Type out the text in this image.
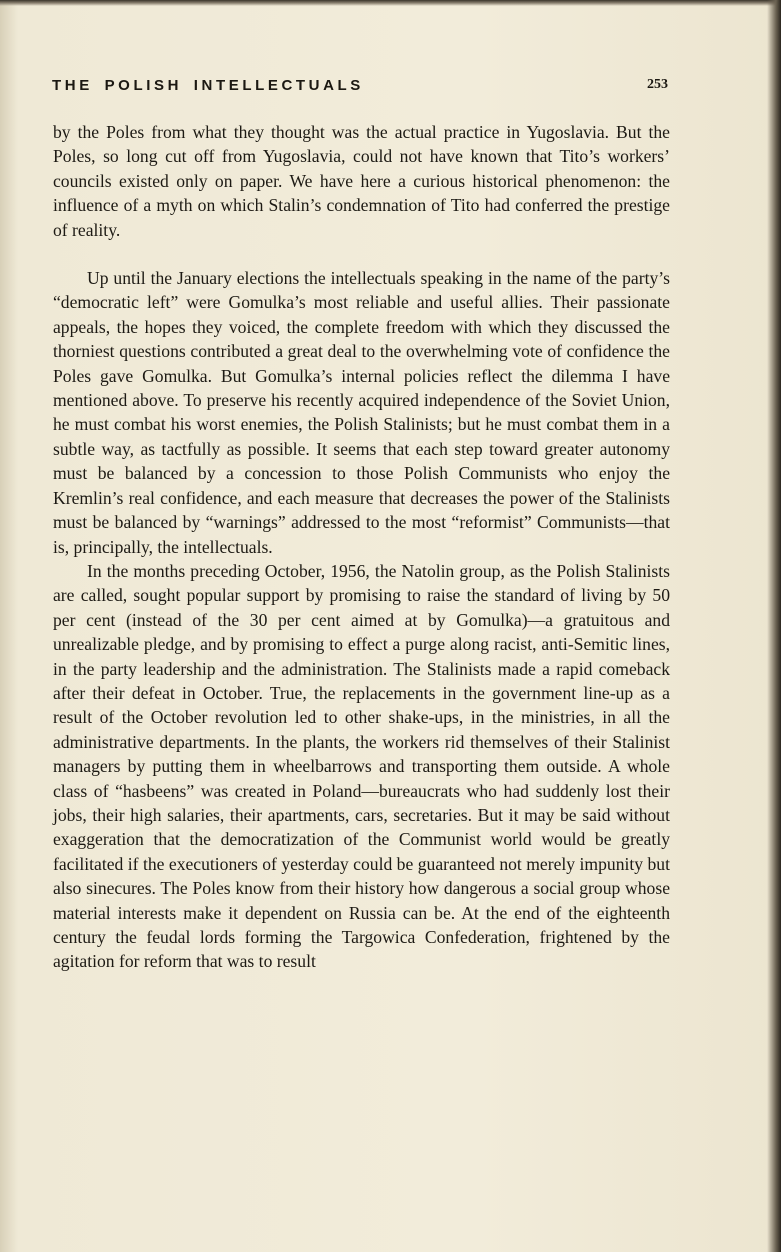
THE POLISH INTELLECTUALS	253

by the Poles from what they thought was the actual practice in Yugoslavia. But the Poles, so long cut off from Yugoslavia, could not have known that Tito’s workers’ councils existed only on paper. We have here a curious historical phenomenon: the influence of a myth on which Stalin’s condemnation of Tito had conferred the prestige of reality.

Up until the January elections the intellectuals speaking in the name of the party’s “democratic left” were Gomulka’s most reliable and useful allies. Their passionate appeals, the hopes they voiced, the complete freedom with which they discussed the thorniest questions contributed a great deal to the overwhelming vote of confidence the Poles gave Gomulka. But Gomulka’s internal policies reflect the dilemma I have mentioned above. To preserve his recently acquired independence of the Soviet Union, he must combat his worst enemies, the Polish Stalinists; but he must combat them in a subtle way, as tactfully as possible. It seems that each step toward greater autonomy must be balanced by a concession to those Polish Communists who enjoy the Kremlin’s real confidence, and each measure that decreases the power of the Stalinists must be balanced by “warnings” addressed to the most “reformist” Communists—that is, principally, the intellectuals.

In the months preceding October, 1956, the Natolin group, as the Polish Stalinists are called, sought popular support by promising to raise the standard of living by 50 per cent (instead of the 30 per cent aimed at by Gomulka)—a gratuitous and unrealizable pledge, and by promising to effect a purge along racist, anti-Semitic lines, in the party leadership and the administration. The Stalinists made a rapid comeback after their defeat in October. True, the replacements in the government line-up as a result of the October revolution led to other shake-ups, in the ministries, in all the administrative departments. In the plants, the workers rid themselves of their Stalinist managers by putting them in wheelbarrows and transporting them outside. A whole class of “hasbeens” was created in Poland—bureaucrats who had suddenly lost their jobs, their high salaries, their apartments, cars, secretaries. But it may be said without exaggeration that the democratization of the Communist world would be greatly facilitated if the executioners of yesterday could be guaranteed not merely impunity but also sinecures. The Poles know from their history how dangerous a social group whose material interests make it dependent on Russia can be. At the end of the eighteenth century the feudal lords forming the Targowica Confederation, frightened by the agitation for reform that was to result
